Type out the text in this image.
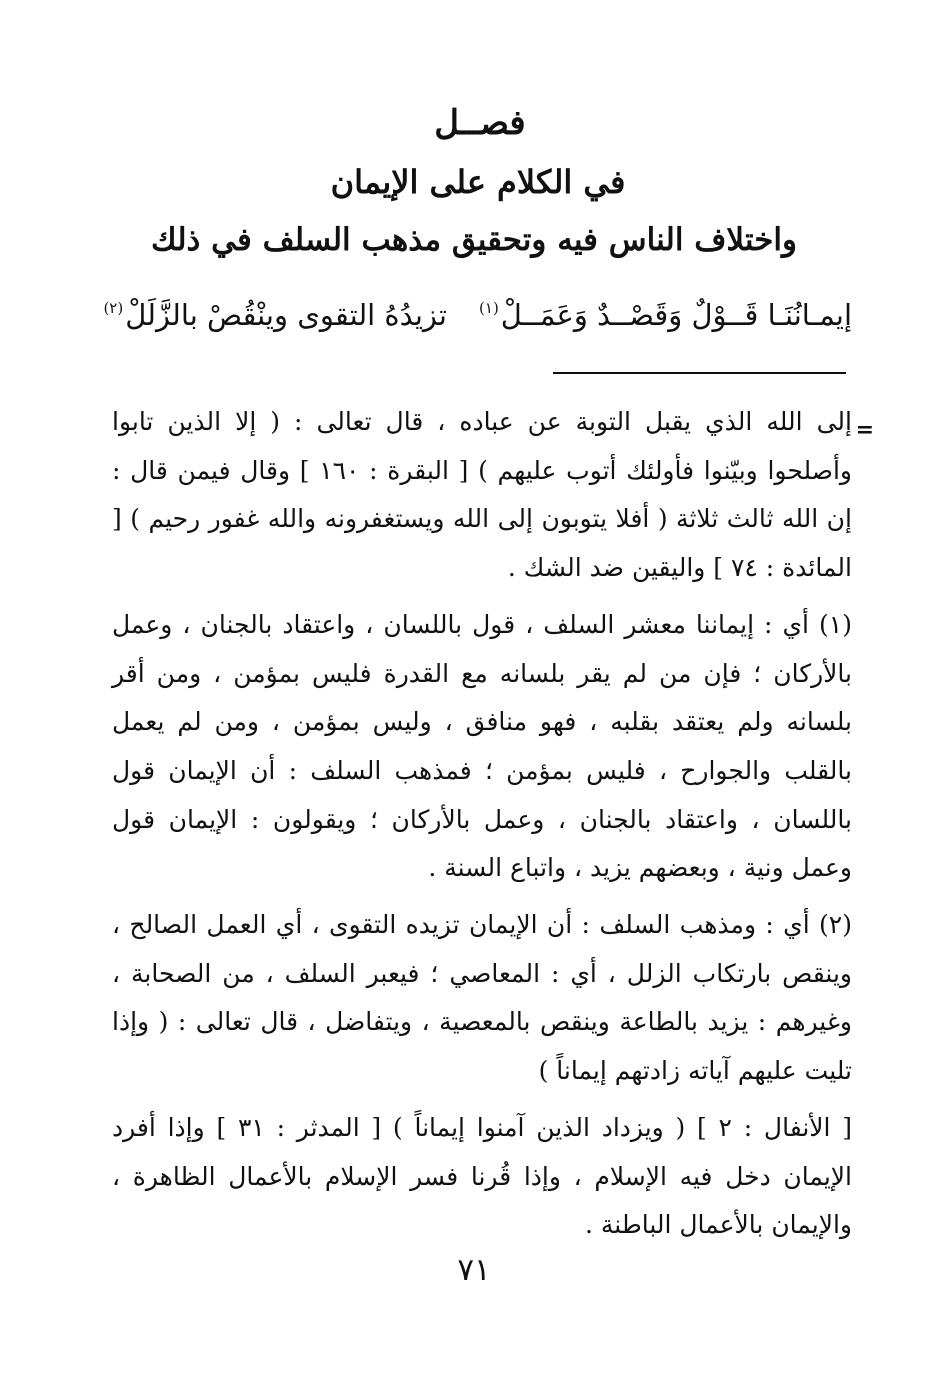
فصــل
في الكلام على الإيمان
واختلاف الناس فيه وتحقيق مذهب السلف في ذلك
إيمـانُنَـا قَــوْلٌ وَقَصْــدٌ وَعَمَــلْ$^{(١)}$
تزيدُهُ التقوى وينْقُصْ بالزَّلَلْ$^{(٢)}$
=

إلى الله الذي يقبل التوبة عن عباده ، قال تعالى : ( إلا الذين تابوا وأصلحوا وبيّنوا فأولئك أتوب عليهم ) [ البقرة : ١٦٠ ] وقال فيمن قال : إن الله ثالث ثلاثة ( أفلا يتوبون إلى الله ويستغفرونه والله غفور رحيم ) [ المائدة : ٧٤ ] واليقين ضد الشك .

(١) أي : إيماننا معشر السلف ، قول باللسان ، واعتقاد بالجنان ، وعمل بالأركان ؛ فإن من لم يقر بلسانه مع القدرة فليس بمؤمن ، ومن أقر بلسانه ولم يعتقد بقلبه ، فهو منافق ، وليس بمؤمن ، ومن لم يعمل بالقلب والجوارح ، فليس بمؤمن ؛ فمذهب السلف : أن الإيمان قول باللسان ، واعتقاد بالجنان ، وعمل بالأركان ؛ ويقولون : الإيمان قول وعمل ونية ، وبعضهم يزيد ، واتباع السنة .

(٢) أي : ومذهب السلف : أن الإيمان تزيده التقوى ، أي العمل الصالح ، وينقص بارتكاب الزلل ، أي : المعاصي ؛ فيعبر السلف ، من الصحابة ، وغيرهم : يزيد بالطاعة وينقص بالمعصية ، ويتفاضل ، قال تعالى : ( وإذا تليت عليهم آياته زادتهم إيماناً )

[ الأنفال : ٢ ] ( ويزداد الذين آمنوا إيماناً ) [ المدثر : ٣١ ] وإذا أفرد الإيمان دخل فيه الإسلام ، وإذا قُرنا فسر الإسلام بالأعمال الظاهرة ، والإيمان بالأعمال الباطنة .

٧١
